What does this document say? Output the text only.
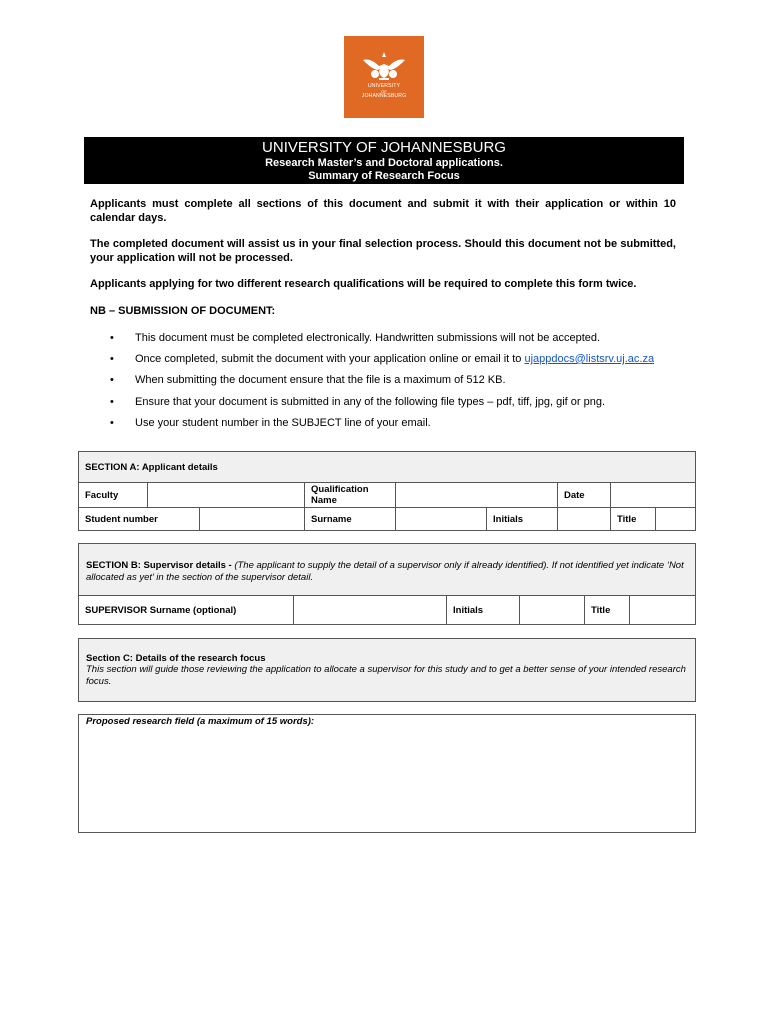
UNIVERSITY
OF
JOHANNESBURG
UNIVERSITY OF JOHANNESBURG
Research Master’s and Doctoral applications.
Summary of Research Focus
Applicants must complete all sections of this document and submit it with their application or within 10 calendar days.
The completed document will assist us in your final selection process. Should this document not be submitted, your application will not be processed.
Applicants applying for two different research qualifications will be required to complete this form twice.
NB – SUBMISSION OF DOCUMENT:
• This document must be completed electronically. Handwritten submissions will not be accepted.
• Once completed, submit the document with your application online or email it to ujappdocs@listsrv.uj.ac.za
• When submitting the document ensure that the file is a maximum of 512 KB.
• Ensure that your document is submitted in any of the following file types – pdf, tiff, jpg, gif or png.
• Use your student number in the SUBJECT line of your email.
SECTION A: Applicant details
Faculty	Qualification Name	Date
Student number	Surname	Initials	Title
SECTION B: Supervisor details - (The applicant to supply the detail of a supervisor only if already identified). If not identified yet indicate ‘Not allocated as yet’ in the section of the supervisor detail.
SUPERVISOR Surname (optional)	Initials	Title
Section C: Details of the research focus
This section will guide those reviewing the application to allocate a supervisor for this study and to get a better sense of your intended research focus.
Proposed research field (a maximum of 15 words):
